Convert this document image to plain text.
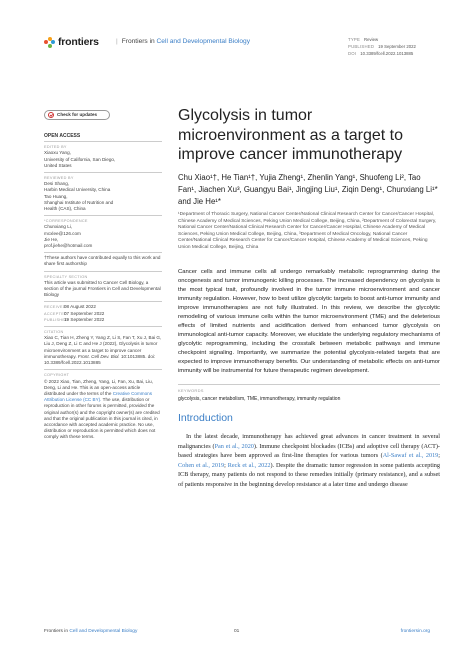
frontiers	| Frontiers in Cell and Developmental Biology	TYPE Review
PUBLISHED 19 September 2022
DOI 10.3389/fcell.2022.1013885
Check for updates
OPEN ACCESS
EDITED BY
Xiaoxu Yang,
University of California, San Diego,
United States
REVIEWED BY
Desi Shang,
Harbin Medical University, China
Tao Huang,
Shanghai Institute of Nutrition and
Health (CAS), China
*CORRESPONDENCE
Chunxiang Li,
mcxlee@126.com
Jie He,
prof.jiehe@hotmail.com
†These authors have contributed equally to this work and share first authorship
SPECIALTY SECTION
This article was submitted to Cancer Cell Biology, a section of the journal Frontiers in Cell and Developmental Biology
RECEIVED08 August 2022
ACCEPTED07 September 2022
PUBLISHED19 September 2022
CITATION
Xiao C, Tian H, Zheng Y, Yang Z, Li S, Fan T, Xu J, Bai G, Liu J, Deng Z, Li C and He J (2022), Glycolysis in tumor microenvironment as a target to improve cancer immunotherapy. Front. Cell Dev. Biol. 10:1013885. doi: 10.3389/fcell.2022.1013885
COPYRIGHT
© 2022 Xiao, Tian, Zheng, Yang, Li, Fan, Xu, Bai, Liu, Deng, Li and He. This is an open-access article distributed under the terms of the Creative Commons Attribution License (CC BY). The use, distribution or reproduction in other forums is permitted, provided the original author(s) and the copyright owner(s) are credited and that the original publication in this journal is cited, in accordance with accepted academic practice. No use, distribution or reproduction is permitted which does not comply with these terms.
Glycolysis in tumor microenvironment as a target to improve cancer immunotherapy
Chu Xiao¹†, He Tian¹†, Yujia Zheng¹, Zhenlin Yang¹, Shuofeng Li², Tao Fan¹, Jiachen Xu³, Guangyu Bai¹, Jingjing Liu¹, Ziqin Deng¹, Chunxiang Li¹* and Jie He¹*
¹Department of Thoracic Surgery, National Cancer Center/National Clinical Research Center for Cancer/Cancer Hospital, Chinese Academy of Medical Sciences, Peking Union Medical College, Beijing, China, ²Department of Colorectal Surgery, National Cancer Center/National Clinical Research Center for Cancer/Cancer Hospital, Chinese Academy of Medical Sciences, Peking Union Medical College, Beijing, China, ³Department of Medical Oncology, National Cancer Center/National Clinical Research Center for Cancer/Cancer Hospital, Chinese Academy of Medical Sciences, Peking Union Medical College, Beijing, China
Cancer cells and immune cells all undergo remarkably metabolic reprogramming during the oncogenesis and tumor immunogenic killing processes. The increased dependency on glycolysis is the most typical trait, profoundly involved in the tumor immune microenvironment and cancer immunity regulation. However, how to best utilize glycolytic targets to boost anti-tumor immunity and improve immunotherapies are not fully illustrated. In this review, we describe the glycolytic remodeling of various immune cells within the tumor microenvironment (TME) and the deleterious effects of limited nutrients and acidification derived from enhanced tumor glycolysis on immunological anti-tumor capacity. Moreover, we elucidate the underlying regulatory mechanisms of glycolytic reprogramming, including the crosstalk between metabolic pathways and immune checkpoint signaling. Importantly, we summarize the potential glycolysis-related targets that are expected to improve immunotherapy benefits. Our understanding of metabolic effects on anti-tumor immunity will be instrumental for future therapeutic regimen development.
Introduction
In the latest decade, immunotherapy has achieved great advances in cancer treatment in several malignancies (Pan et al., 2020). Immune checkpoint blockades (ICBs) and adoptive cell therapy (ACT)-based strategies have been approved as first-line therapies for various tumors (Al-Sawaf et al., 2019; Cohen et al., 2019; Reck et al., 2022). Despite the dramatic tumor regression in some patients accepting ICB therapy, many patients do not respond to these remedies initially (primary resistance), and a subset of patients responsive in the beginning develop resistance at a later time and undergo disease
KEYWORDS
glycolysis, cancer metabolism, TME, immunotherapy, immunity regulation
Frontiers in Cell and Developmental Biology	01	frontiersin.org
